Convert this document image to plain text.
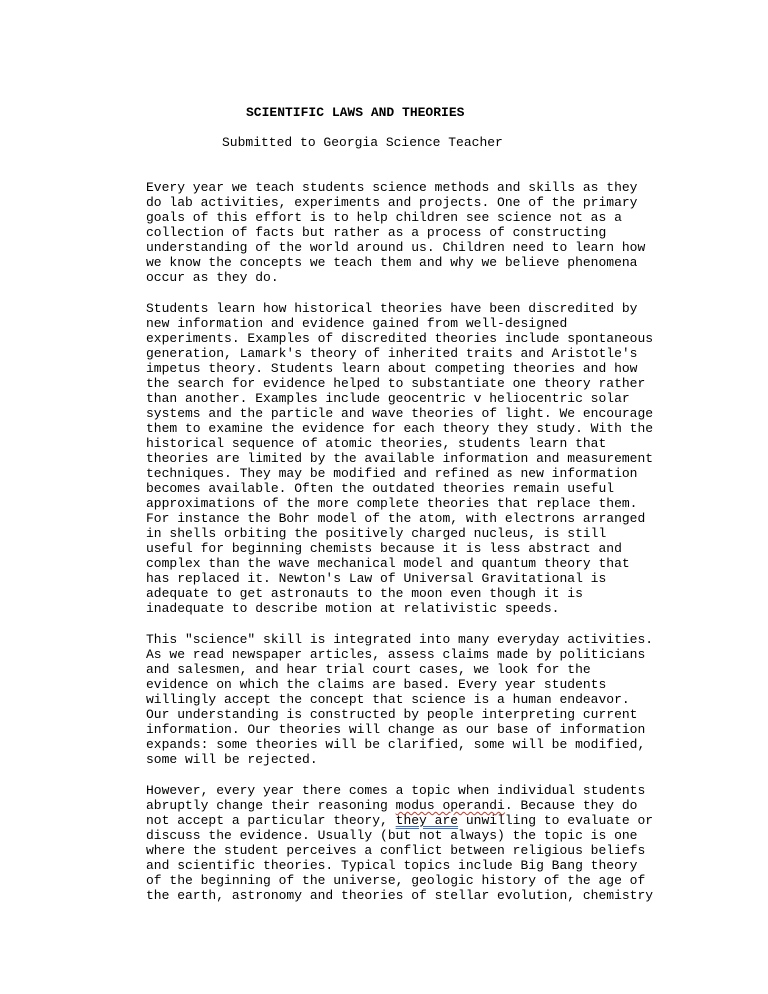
SCIENTIFIC LAWS AND THEORIES
Submitted to Georgia Science Teacher
Every year we teach students science methods and skills as they
do lab activities, experiments and projects. One of the primary
goals of this effort is to help children see science not as a
collection of facts but rather as a process of constructing
understanding of the world around us. Children need to learn how
we know the concepts we teach them and why we believe phenomena
occur as they do.
Students learn how historical theories have been discredited by
new information and evidence gained from well-designed
experiments. Examples of discredited theories include spontaneous
generation, Lamark's theory of inherited traits and Aristotle's
impetus theory. Students learn about competing theories and how
the search for evidence helped to substantiate one theory rather
than another. Examples include geocentric v heliocentric solar
systems and the particle and wave theories of light. We encourage
them to examine the evidence for each theory they study. With the
historical sequence of atomic theories, students learn that
theories are limited by the available information and measurement
techniques. They may be modified and refined as new information
becomes available. Often the outdated theories remain useful
approximations of the more complete theories that replace them.
For instance the Bohr model of the atom, with electrons arranged
in shells orbiting the positively charged nucleus, is still
useful for beginning chemists because it is less abstract and
complex than the wave mechanical model and quantum theory that
has replaced it. Newton's Law of Universal Gravitational is
adequate to get astronauts to the moon even though it is
inadequate to describe motion at relativistic speeds.
This "science" skill is integrated into many everyday activities.
As we read newspaper articles, assess claims made by politicians
and salesmen, and hear trial court cases, we look for the
evidence on which the claims are based. Every year students
willingly accept the concept that science is a human endeavor.
Our understanding is constructed by people interpreting current
information. Our theories will change as our base of information
expands: some theories will be clarified, some will be modified,
some will be rejected.
However, every year there comes a topic when individual students
abruptly change their reasoning modus operandi. Because they do
not accept a particular theory, they are unwilling to evaluate or
discuss the evidence. Usually (but not always) the topic is one
where the student perceives a conflict between religious beliefs
and scientific theories. Typical topics include Big Bang theory
of the beginning of the universe, geologic history of the age of
the earth, astronomy and theories of stellar evolution, chemistry
